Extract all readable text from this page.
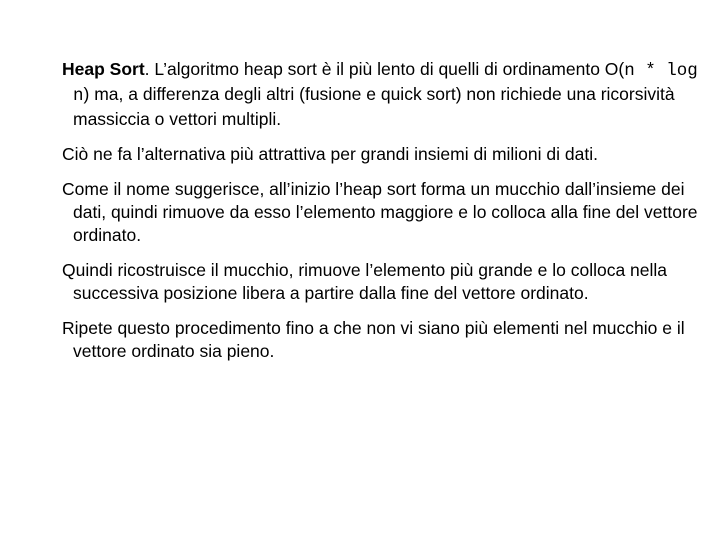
Heap Sort. L’algoritmo heap sort è il più lento di quelli di ordinamento O(n * log n) ma, a differenza degli altri (fusione e quick sort) non richiede una ricorsività massiccia o vettori multipli.

Ciò ne fa l’alternativa più attrattiva per grandi insiemi di milioni di dati.

Come il nome suggerisce, all’inizio l’heap sort forma un mucchio dall’insieme dei dati, quindi rimuove da esso l’elemento maggiore e lo colloca alla fine del vettore ordinato.

Quindi ricostruisce il mucchio, rimuove l’elemento più grande e lo colloca nella successiva posizione libera a partire dalla fine del vettore ordinato.

Ripete questo procedimento fino a che non vi siano più elementi nel mucchio e il vettore ordinato sia pieno.
